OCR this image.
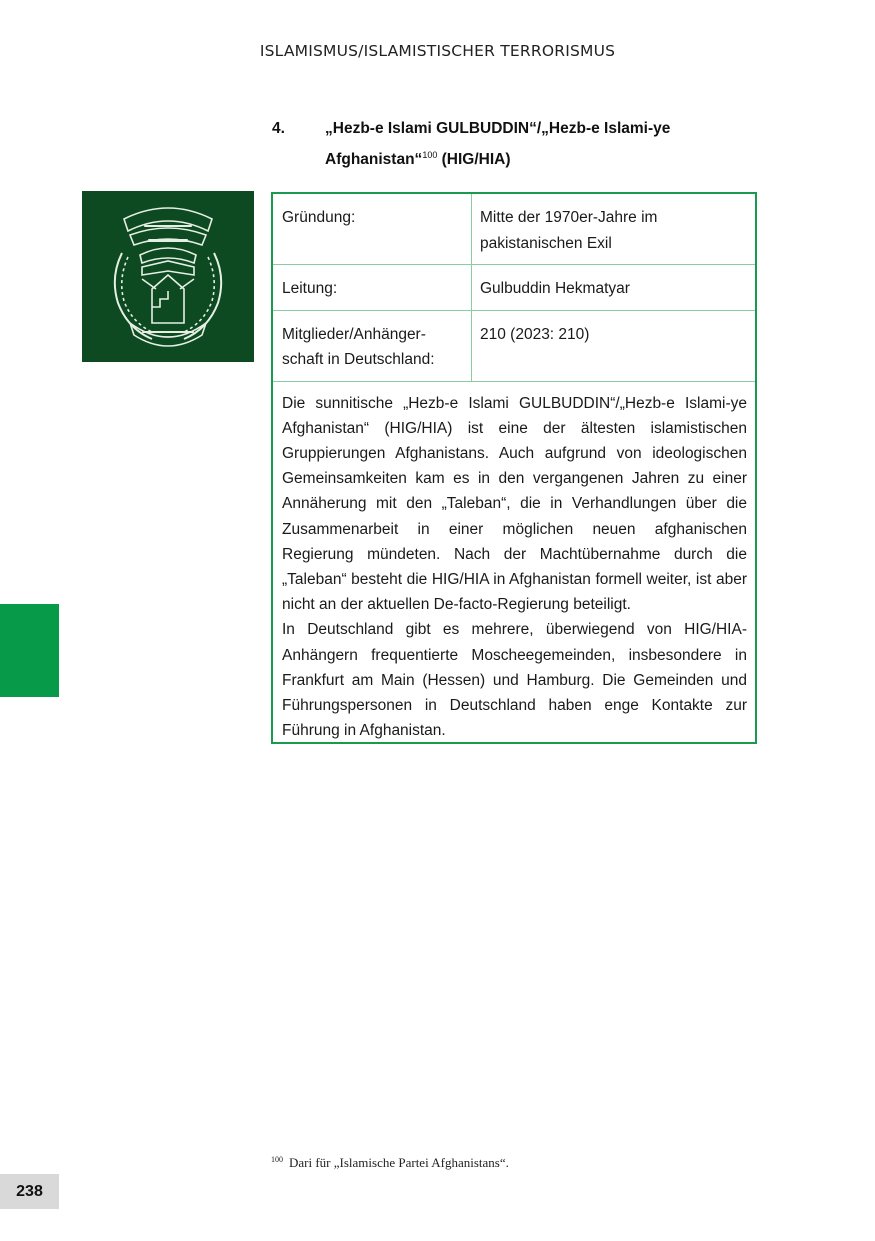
ISLAMISMUS/ISLAMISTISCHER TERRORISMUS
4.	„Hezb-e Islami GULBUDDIN“/„Hezb-e Islami-ye Afghanistan“$^{100}$ (HIG/HIA)
Gründung:	Mitte der 1970er-Jahre im pakistanischen Exil
Leitung:	Gulbuddin Hekmatyar
Mitglieder/Anhänger-schaft in Deutschland:	210 (2023: 210)

Die sunnitische „Hezb-e Islami GULBUDDIN“/„Hezb-e Islami-ye Afghanistan“ (HIG/HIA) ist eine der ältesten islamistischen Gruppierungen Afghanistans. Auch aufgrund von ideologischen Gemeinsamkeiten kam es in den vergangenen Jahren zu einer Annäherung mit den „Taleban“, die in Verhandlungen über die Zusammenarbeit in einer möglichen neuen afghanischen Regierung mündeten. Nach der Machtübernahme durch die „Taleban“ besteht die HIG/HIA in Afghanistan formell weiter, ist aber nicht an der aktuellen De-facto-Regierung beteiligt.

In Deutschland gibt es mehrere, überwiegend von HIG/HIA-Anhängern frequentierte Moscheegemeinden, insbesondere in Frankfurt am Main (Hessen) und Hamburg. Die Gemeinden und Führungspersonen in Deutschland haben enge Kontakte zur Führung in Afghanistan.

$^{100}$ Dari für „Islamische Partei Afghanistans“.
238
